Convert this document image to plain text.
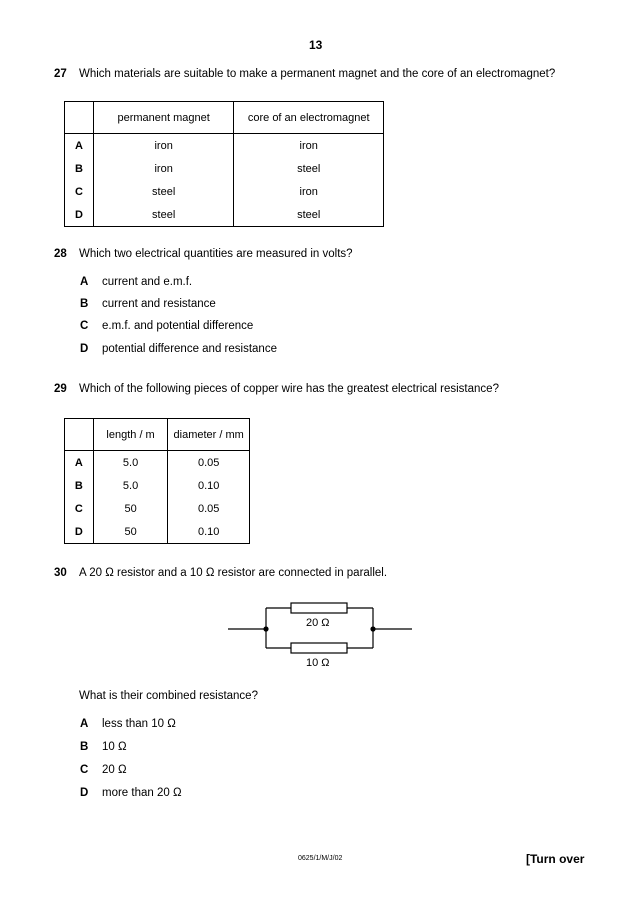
13
27 Which materials are suitable to make a permanent magnet and the core of an electromagnet?
	permanent magnet	core of an electromagnet
A	iron	iron
B	iron	steel
C	steel	iron
D	steel	steel
28 Which two electrical quantities are measured in volts?
A current and e.m.f.
B current and resistance
C e.m.f. and potential difference
D potential difference and resistance
29 Which of the following pieces of copper wire has the greatest electrical resistance?
	length / m	diameter / mm
A	5.0	0.05
B	5.0	0.10
C	50	0.05
D	50	0.10
30 A 20 Ω resistor and a 10 Ω resistor are connected in parallel.
20 Ω
10 Ω
What is their combined resistance?
A less than 10 Ω
B 10 Ω
C 20 Ω
D more than 20 Ω
0625/1/M/J/02	[Turn over
